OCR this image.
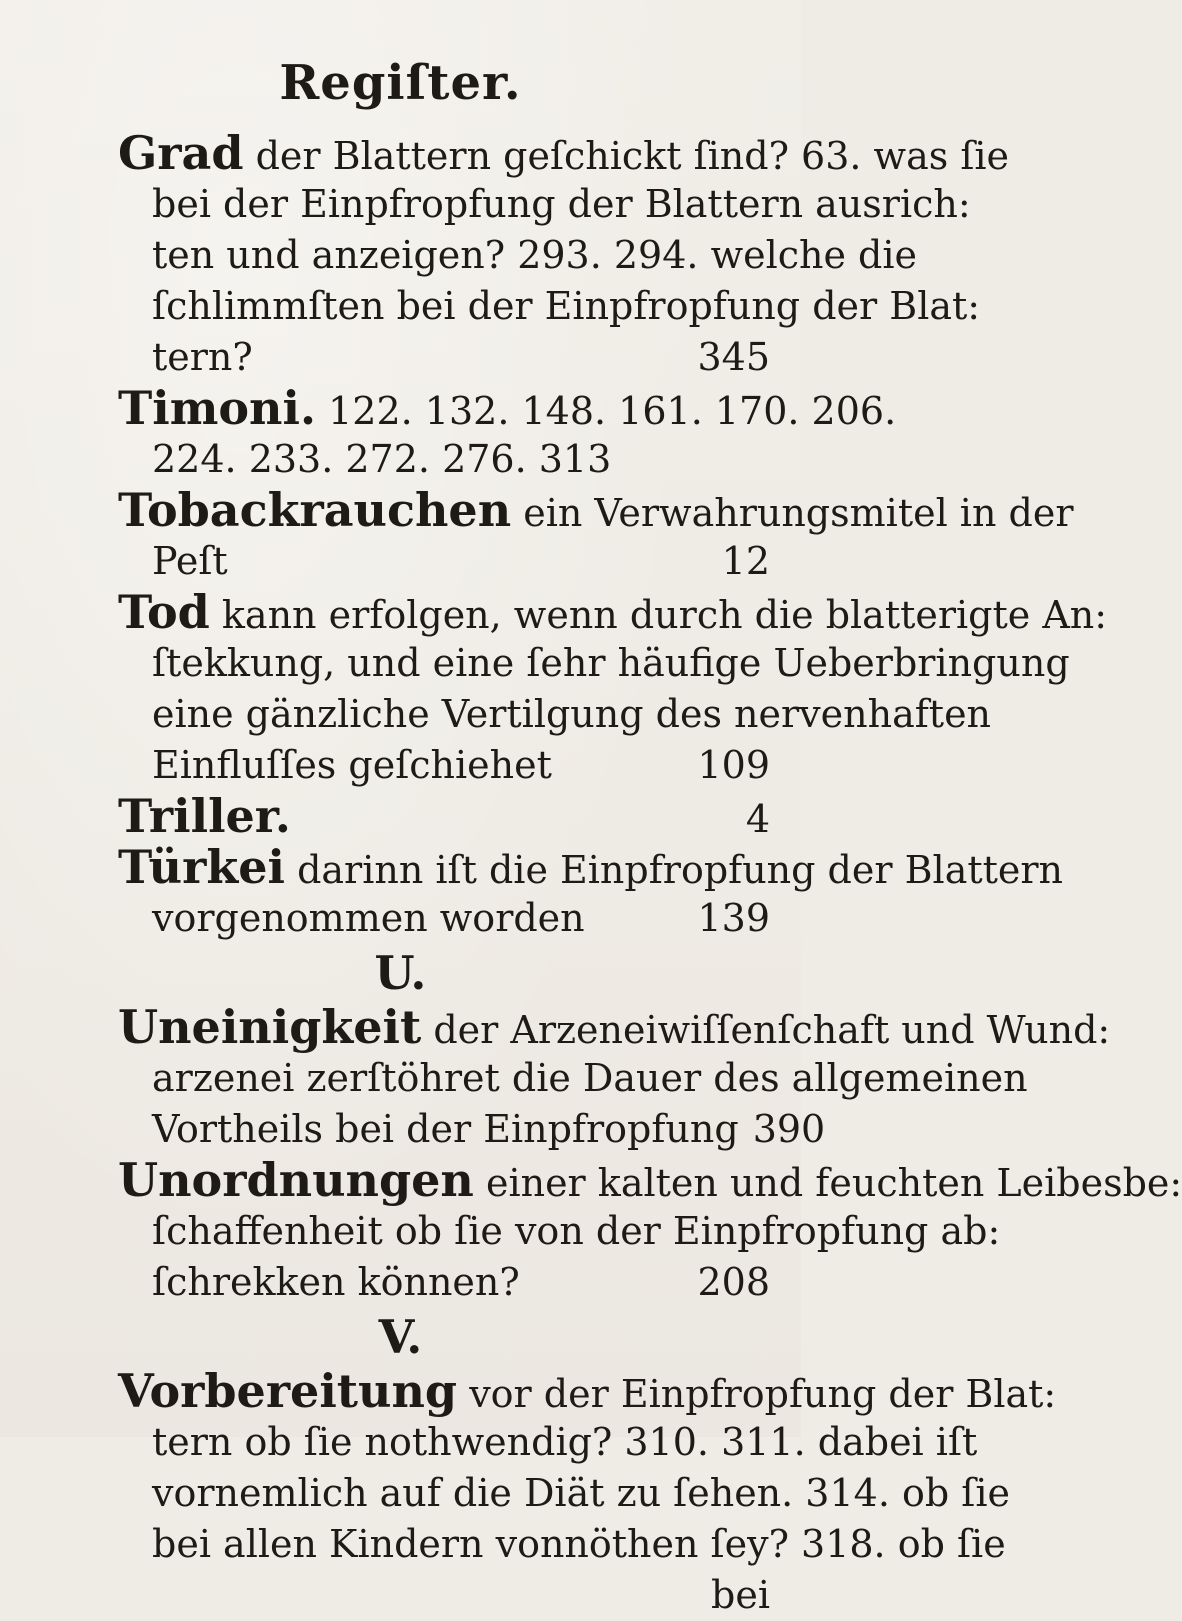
Regiſter.
Grad der Blattern geſchickt ſind? 63. was ſie
bei der Einpfropfung der Blattern ausrich:
ten und anzeigen? 293. 294. welche die
ſchlimmſten bei der Einpfropfung der Blat:
tern?	345
Timoni. 122. 132. 148. 161. 170. 206.
224. 233. 272. 276. 313
Tobackrauchen ein Verwahrungsmitel in der
Peſt	12
Tod kann erfolgen, wenn durch die blatterigte An:
ſtekkung, und eine ſehr häufige Ueberbringung
eine gänzliche Vertilgung des nervenhaften
Einfluſſes geſchiehet	109
Triller.	4
Türkei darinn iſt die Einpfropfung der Blattern
vorgenommen worden	139
U.
Uneinigkeit der Arzeneiwiſſenſchaft und Wund:
arzenei zerſtöhret die Dauer des allgemeinen
Vortheils bei der Einpfropfung 390
Unordnungen einer kalten und feuchten Leibesbe:
ſchaffenheit ob ſie von der Einpfropfung ab:
ſchrekken können?	208
V.
Vorbereitung vor der Einpfropfung der Blat:
tern ob ſie nothwendig? 310. 311. dabei iſt
vornemlich auf die Diät zu ſehen. 314. ob ſie
bei allen Kindern vonnöthen ſey? 318. ob ſie
bei
